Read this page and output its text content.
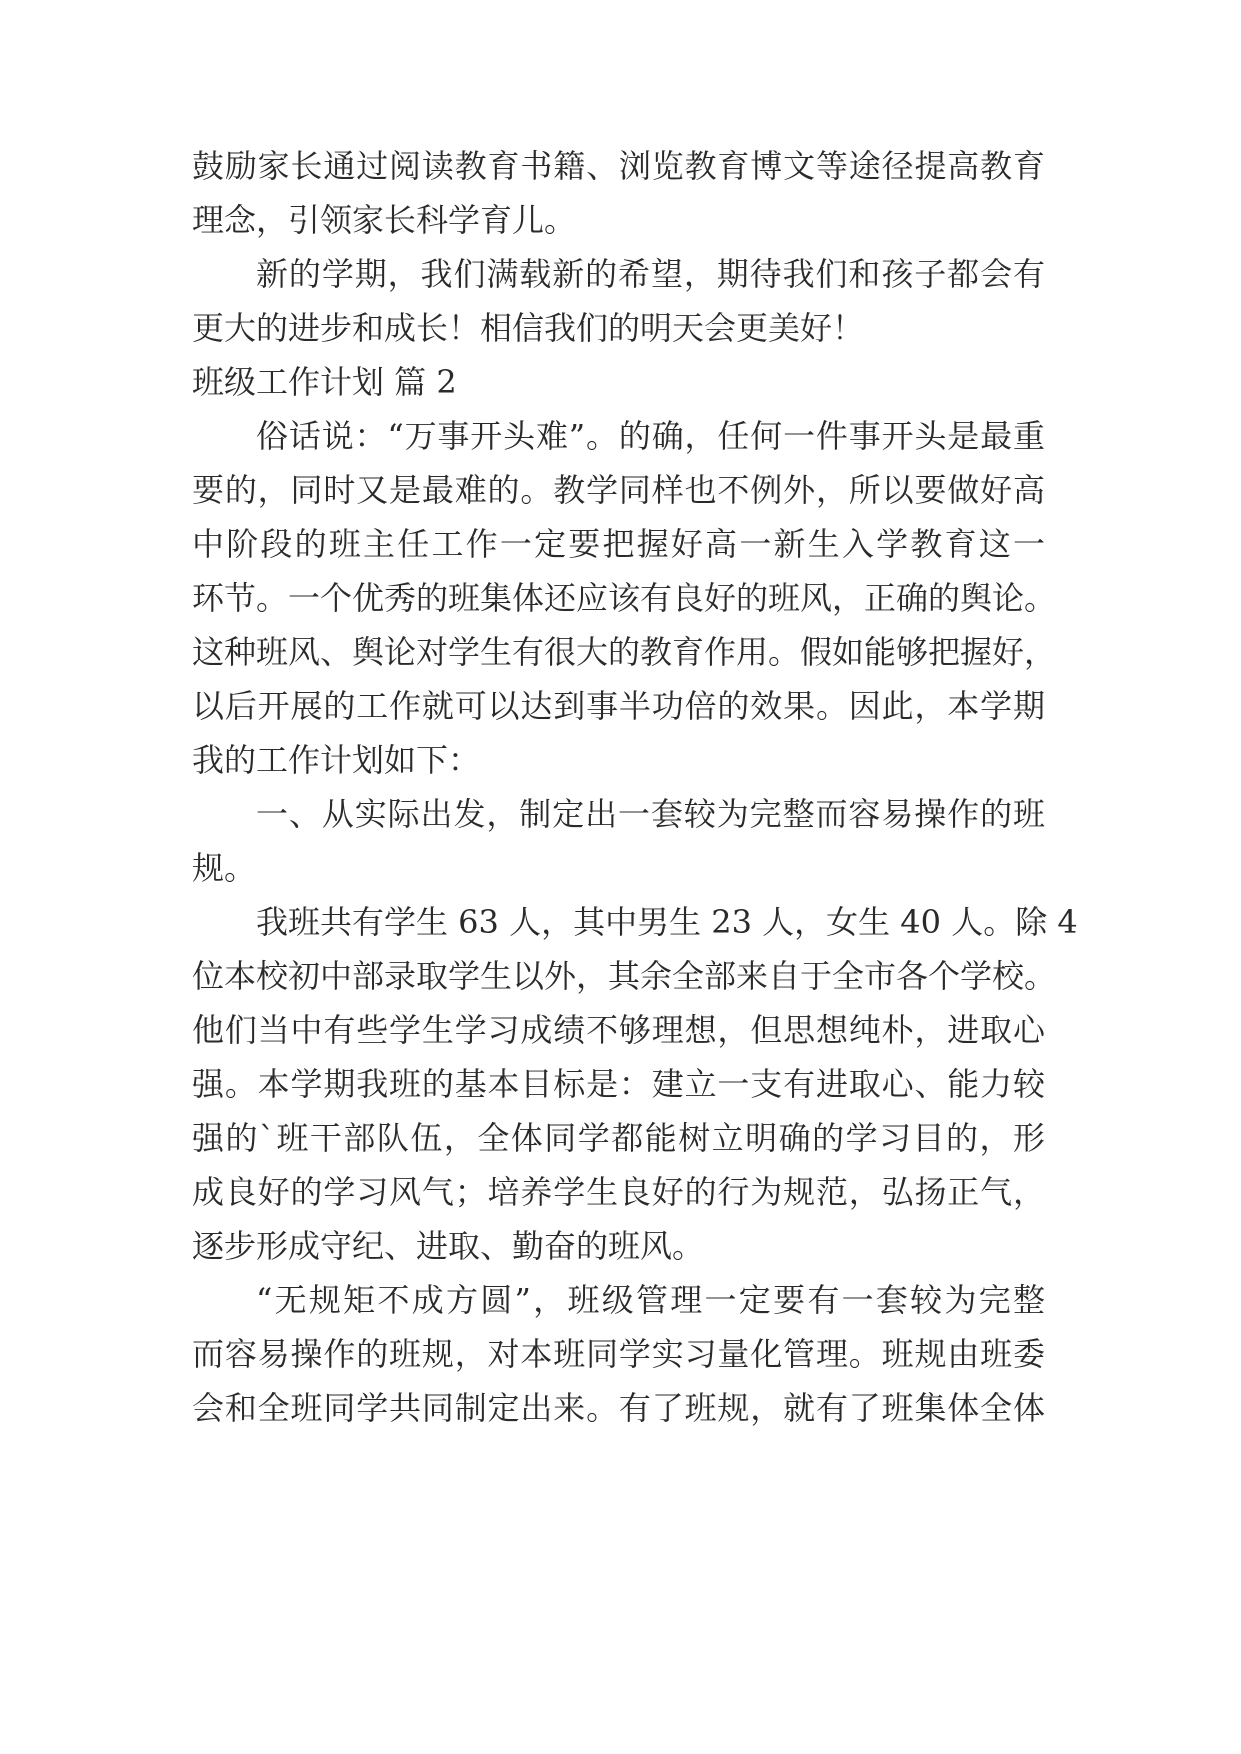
鼓励家长通过阅读教育书籍、浏览教育博文等途径提高教育
理念，引领家长科学育儿。
新的学期，我们满载新的希望，期待我们和孩子都会有
更大的进步和成长！相信我们的明天会更美好！
班级工作计划 篇 2
俗话说：“万事开头难”。的确，任何一件事开头是最重
要的，同时又是最难的。教学同样也不例外，所以要做好高
中阶段的班主任工作一定要把握好高一新生入学教育这一
环节。一个优秀的班集体还应该有良好的班风，正确的舆论。
这种班风、舆论对学生有很大的教育作用。假如能够把握好，
以后开展的工作就可以达到事半功倍的效果。因此，本学期
我的工作计划如下：
一、从实际出发，制定出一套较为完整而容易操作的班
规。
我班共有学生 63 人，其中男生 23 人，女生 40 人。除 4
位本校初中部录取学生以外，其余全部来自于全市各个学校。
他们当中有些学生学习成绩不够理想，但思想纯朴，进取心
强。本学期我班的基本目标是：建立一支有进取心、能力较
强的`班干部队伍，全体同学都能树立明确的学习目的，形
成良好的学习风气；培养学生良好的行为规范，弘扬正气，
逐步形成守纪、进取、勤奋的班风。
“无规矩不成方圆”，班级管理一定要有一套较为完整
而容易操作的班规，对本班同学实习量化管理。班规由班委
会和全班同学共同制定出来。有了班规，就有了班集体全体
